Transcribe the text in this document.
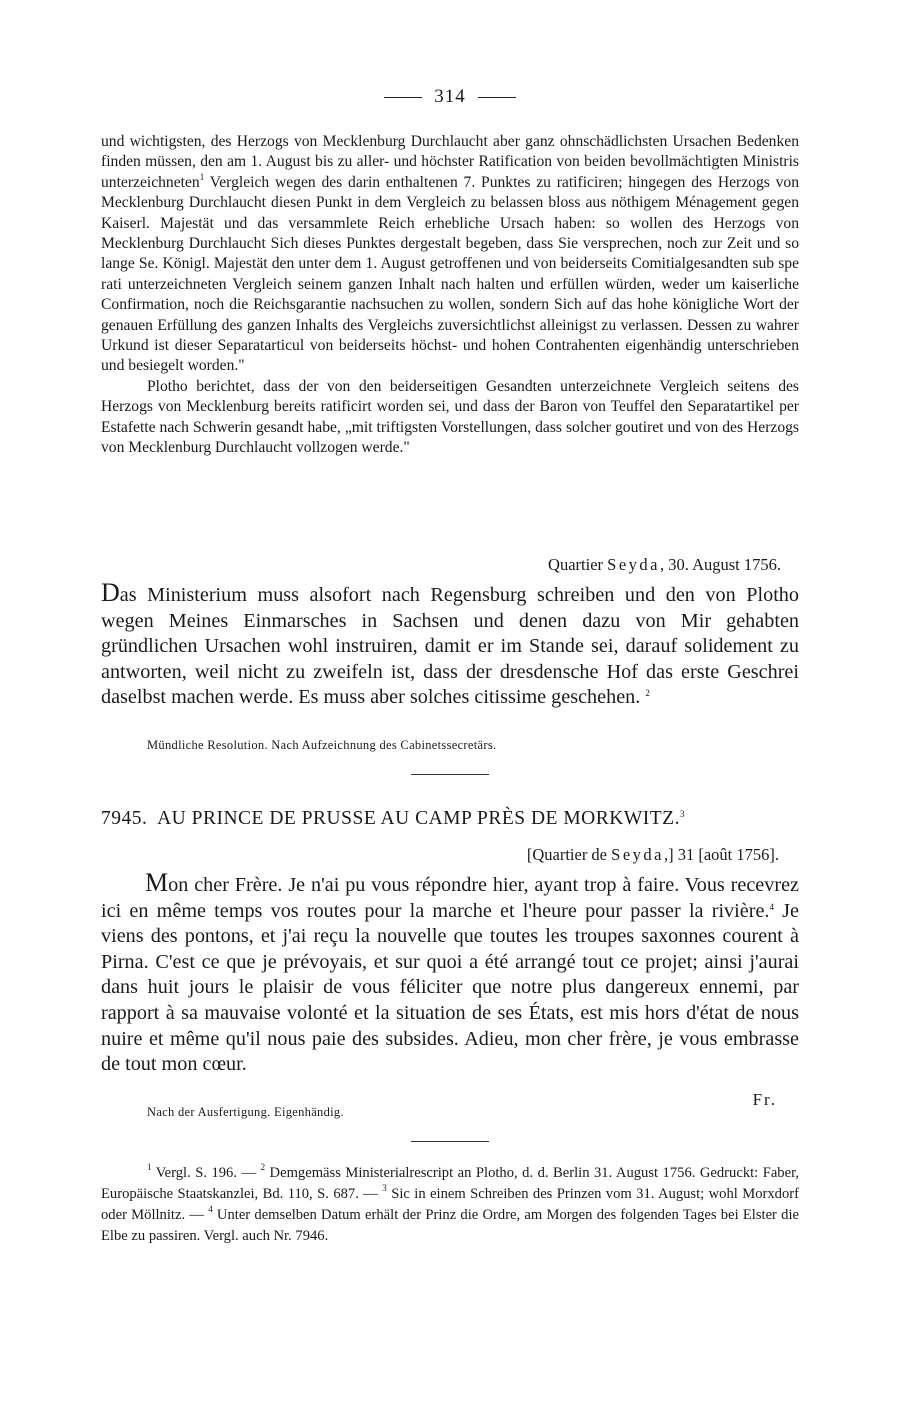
314

und wichtigsten, des Herzogs von Mecklenburg Durchlaucht aber ganz ohnschädlichsten Ursachen Bedenken finden müssen, den am 1. August bis zu aller- und höchster Ratification von beiden bevollmächtigten Ministris unterzeichneten$^1$ Vergleich wegen des darin enthaltenen 7. Punktes zu ratificiren; hingegen des Herzogs von Mecklenburg Durchlaucht diesen Punkt in dem Vergleich zu belassen bloss aus nöthigem Ménagement gegen Kaiserl. Majestät und das versammlete Reich erhebliche Ursach haben: so wollen des Herzogs von Mecklenburg Durchlaucht Sich dieses Punktes dergestalt begeben, dass Sie versprechen, noch zur Zeit und so lange Se. Königl. Majestät den unter dem 1. August getroffenen und von beiderseits Comitialgesandten sub spe rati unterzeichneten Vergleich seinem ganzen Inhalt nach halten und erfüllen würden, weder um kaiserliche Confirmation, noch die Reichsgarantie nachsuchen zu wollen, sondern Sich auf das hohe königliche Wort der genauen Erfüllung des ganzen Inhalts des Vergleichs zuversichtlichst alleinigst zu verlassen. Dessen zu wahrer Urkund ist dieser Separatarticul von beiderseits höchst- und hohen Contrahenten eigenhändig unterschrieben und besiegelt worden."

Plotho berichtet, dass der von den beiderseitigen Gesandten unterzeichnete Vergleich seitens des Herzogs von Mecklenburg bereits ratificirt worden sei, und dass der Baron von Teuffel den Separatartikel per Estafette nach Schwerin gesandt habe, „mit triftigsten Vorstellungen, dass solcher goutiret und von des Herzogs von Mecklenburg Durchlaucht vollzogen werde."

Quartier Seyda, 30. August 1756.

Das Ministerium muss alsofort nach Regensburg schreiben und den von Plotho wegen Meines Einmarsches in Sachsen und denen dazu von Mir gehabten gründlichen Ursachen wohl instruiren, damit er im Stande sei, darauf solidement zu antworten, weil nicht zu zweifeln ist, dass der dresdensche Hof das erste Geschrei daselbst machen werde. Es muss aber solches citissime geschehen. $^2$

Mündliche Resolution. Nach Aufzeichnung des Cabinetssecretärs.

7945. AU PRINCE DE PRUSSE AU CAMP PRÈS DE MORKWITZ.$^3$

[Quartier de Seyda,] 31 [août 1756].

Mon cher Frère. Je n'ai pu vous répondre hier, ayant trop à faire. Vous recevrez ici en même temps vos routes pour la marche et l'heure pour passer la rivière.$^4$ Je viens des pontons, et j'ai reçu la nouvelle que toutes les troupes saxonnes courent à Pirna. C'est ce que je prévoyais, et sur quoi a été arrangé tout ce projet; ainsi j'aurai dans huit jours le plaisir de vous féliciter que notre plus dangereux ennemi, par rapport à sa mauvaise volonté et la situation de ses États, est mis hors d'état de nous nuire et même qu'il nous paie des subsides. Adieu, mon cher frère, je vous embrasse de tout mon cœur.

Fr.

Nach der Ausfertigung. Eigenhändig.

$^1$ Vergl. S. 196. — $^2$ Demgemäss Ministerialrescript an Plotho, d. d. Berlin 31. August 1756. Gedruckt: Faber, Europäische Staatskanzlei, Bd. 110, S. 687. — $^3$ Sic in einem Schreiben des Prinzen vom 31. August; wohl Morxdorf oder Möllnitz. — $^4$ Unter demselben Datum erhält der Prinz die Ordre, am Morgen des folgenden Tages bei Elster die Elbe zu passiren. Vergl. auch Nr. 7946.
